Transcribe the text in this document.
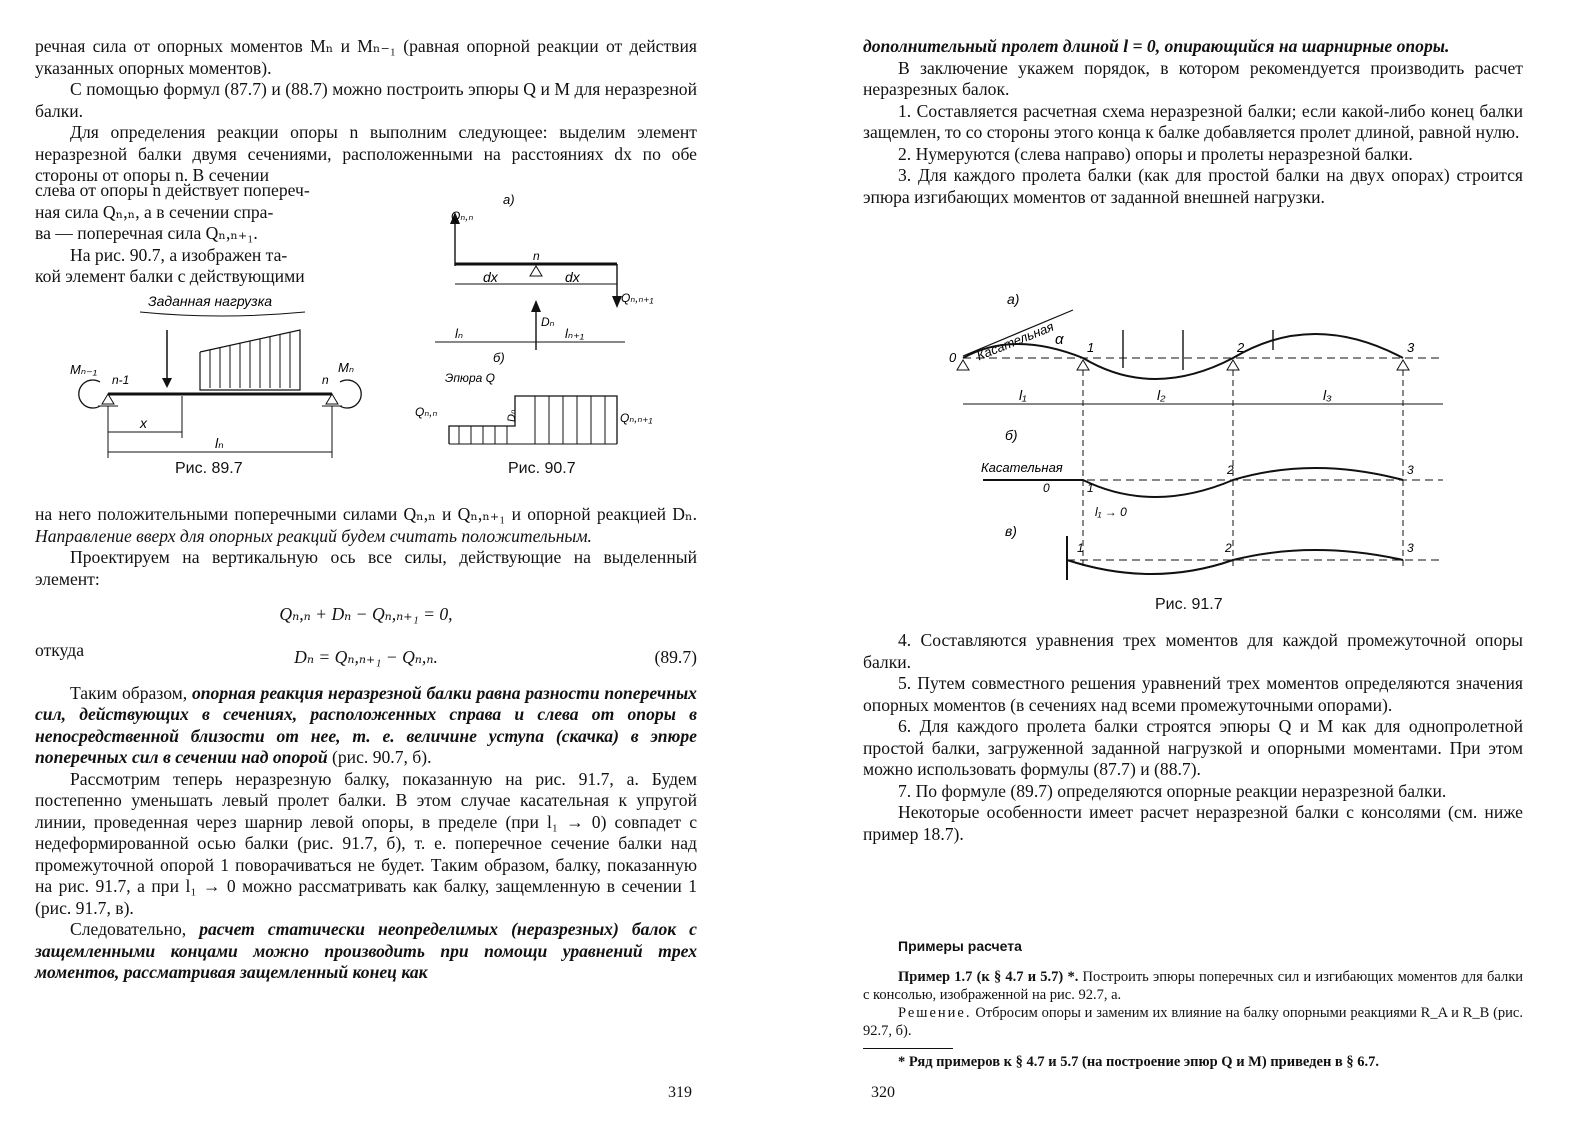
речная сила от опорных моментов Mₙ и Mₙ₋₁ (равная опорной реакции от действия указанных опорных моментов).

С помощью формул (87.7) и (88.7) можно построить эпюры Q и M для неразрезной балки.

Для определения реакции опоры n выполним следующее: выделим элемент неразрезной балки двумя сечениями, расположенными на расстояниях dx по обе стороны от опоры n. В сечении

слева от опоры n действует попереч-

ная сила Qₙ,ₙ, а в сечении спра-

ва — поперечная сила Qₙ,ₙ₊₁.

На рис. 90.7, a изображен та-

кой элемент балки с действующими

Заданная нагрузка
Mₙ₋₁	Mₙ
n-1	n
x
lₙ
Рис. 89.7
a)
Qₙ,ₙ
n
Qₙ,ₙ₊₁
dx	dx
Dₙ
lₙ	lₙ₊₁
б)
Эпюра Q
Qₙ,ₙ	Qₙ,ₙ₊₁
Dₙ
Рис. 90.7

на него положительными поперечными силами Qₙ,ₙ и Qₙ,ₙ₊₁ и опорной реакцией Dₙ. Направление вверх для опорных реакций будем считать положительным.

Проектируем на вертикальную ось все силы, действующие на выделенный элемент:

Qₙ,ₙ + Dₙ − Qₙ,ₙ₊₁ = 0,

откуда	Dₙ = Qₙ,ₙ₊₁ − Qₙ,ₙ.	(89.7)

Таким образом, опорная реакция неразрезной балки равна разности поперечных сил, действующих в сечениях, расположенных справа и слева от опоры в непосредственной близости от нее, т. е. величине уступа (скачка) в эпюре поперечных сил в сечении над опорой (рис. 90.7, б).

Рассмотрим теперь неразрезную балку, показанную на рис. 91.7, a. Будем постепенно уменьшать левый пролет балки. В этом случае касательная к упругой линии, проведенная через шарнир левой опоры, в пределе (при l₁ → 0) совпадет с недеформированной осью балки (рис. 91.7, б), т. е. поперечное сечение балки над промежуточной опорой 1 поворачиваться не будет. Таким образом, балку, показанную на рис. 91.7, a при l₁ → 0 можно рассматривать как балку, защемленную в сечении 1 (рис. 91.7, в).

Следовательно, расчет статически неопределимых (неразрезных) балок с защемленными концами можно производить при помощи уравнений трех моментов, рассматривая защемленный конец как

319

дополнительный пролет длиной l = 0, опирающийся на шарнирные опоры.

В заключение укажем порядок, в котором рекомендуется производить расчет неразрезных балок.

1. Составляется расчетная схема неразрезной балки; если какой-либо конец балки защемлен, то со стороны этого конца к балке добавляется пролет длиной, равной нулю.

2. Нумеруются (слева направо) опоры и пролеты неразрезной балки.

3. Для каждого пролета балки (как для простой балки на двух опорах) строится эпюра изгибающих моментов от заданной внешней нагрузки.

a)
Касательная α
0
1	2	3
l₁	l₂	l₃
б)
Касательная
0	1
2	3
l₁ → 0
в)
1	2	3
Рис. 91.7

4. Составляются уравнения трех моментов для каждой промежуточной опоры балки.

5. Путем совместного решения уравнений трех моментов определяются значения опорных моментов (в сечениях над всеми промежуточными опорами).

6. Для каждого пролета балки строятся эпюры Q и M как для однопролетной простой балки, загруженной заданной нагрузкой и опорными моментами. При этом можно использовать формулы (87.7) и (88.7).

7. По формуле (89.7) определяются опорные реакции неразрезной балки.

Некоторые особенности имеет расчет неразрезной балки с консолями (см. ниже пример 18.7).

Примеры расчета

Пример 1.7 (к § 4.7 и 5.7) *. Построить эпюры поперечных сил и изгибающих моментов для балки с консолью, изображенной на рис. 92.7, a.

Решение. Отбросим опоры и заменим их влияние на балку опорными реакциями R_A и R_B (рис. 92.7, б).

* Ряд примеров к § 4.7 и 5.7 (на построение эпюр Q и M) приведен в § 6.7.

320
